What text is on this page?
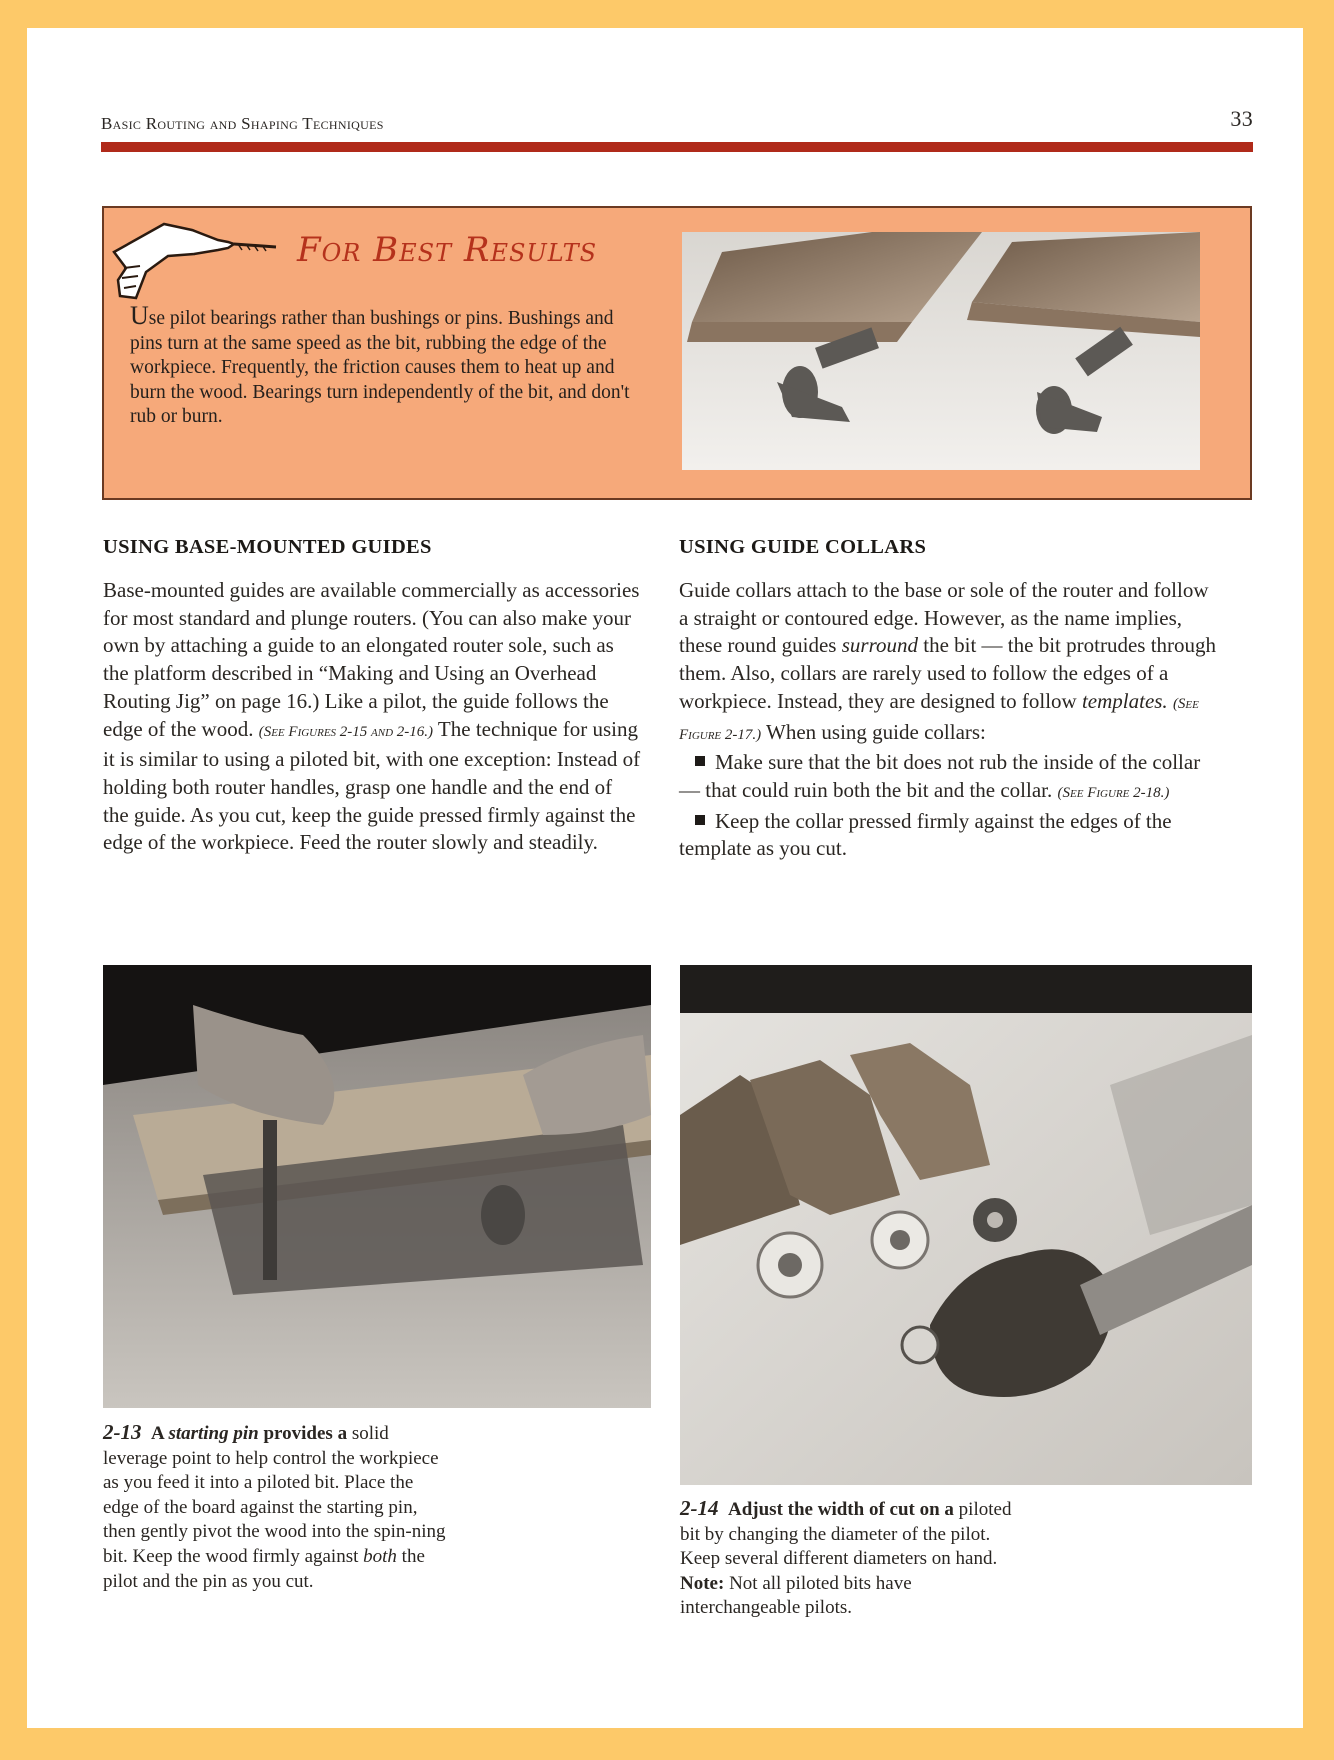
Basic Routing and Shaping Techniques	33
For Best Results
Use pilot bearings rather than bushings or pins. Bushings and pins turn at the same speed as the bit, rubbing the edge of the workpiece. Frequently, the friction causes them to heat up and burn the wood. Bearings turn independently of the bit, and don't rub or burn.
USING BASE-MOUNTED GUIDES

Base-mounted guides are available commercially as accessories for most standard and plunge routers. (You can also make your own by attaching a guide to an elongated router sole, such as the platform described in “Making and Using an Overhead Routing Jig” on page 16.) Like a pilot, the guide follows the edge of the wood. (See Figures 2-15 and 2-16.) The technique for using it is similar to using a piloted bit, with one exception: Instead of holding both router handles, grasp one handle and the end of the guide. As you cut, keep the guide pressed firmly against the edge of the workpiece. Feed the router slowly and steadily.

USING GUIDE COLLARS

Guide collars attach to the base or sole of the router and follow a straight or contoured edge. However, as the name implies, these round guides surround the bit — the bit protrudes through them. Also, collars are rarely used to follow the edges of a workpiece. Instead, they are designed to follow templates. (See Figure 2-17.) When using guide collars:

Make sure that the bit does not rub the inside of the collar — that could ruin both the bit and the collar. (See Figure 2-18.)
Keep the collar pressed firmly against the edges of the template as you cut.
2-13 A starting pin provides a solid leverage point to help control the workpiece as you feed it into a piloted bit. Place the edge of the board against the starting pin, then gently pivot the wood into the spin-ning bit. Keep the wood firmly against both the pilot and the pin as you cut.
2-14 Adjust the width of cut on a piloted bit by changing the diameter of the pilot. Keep several different diameters on hand. Note: Not all piloted bits have interchangeable pilots.
